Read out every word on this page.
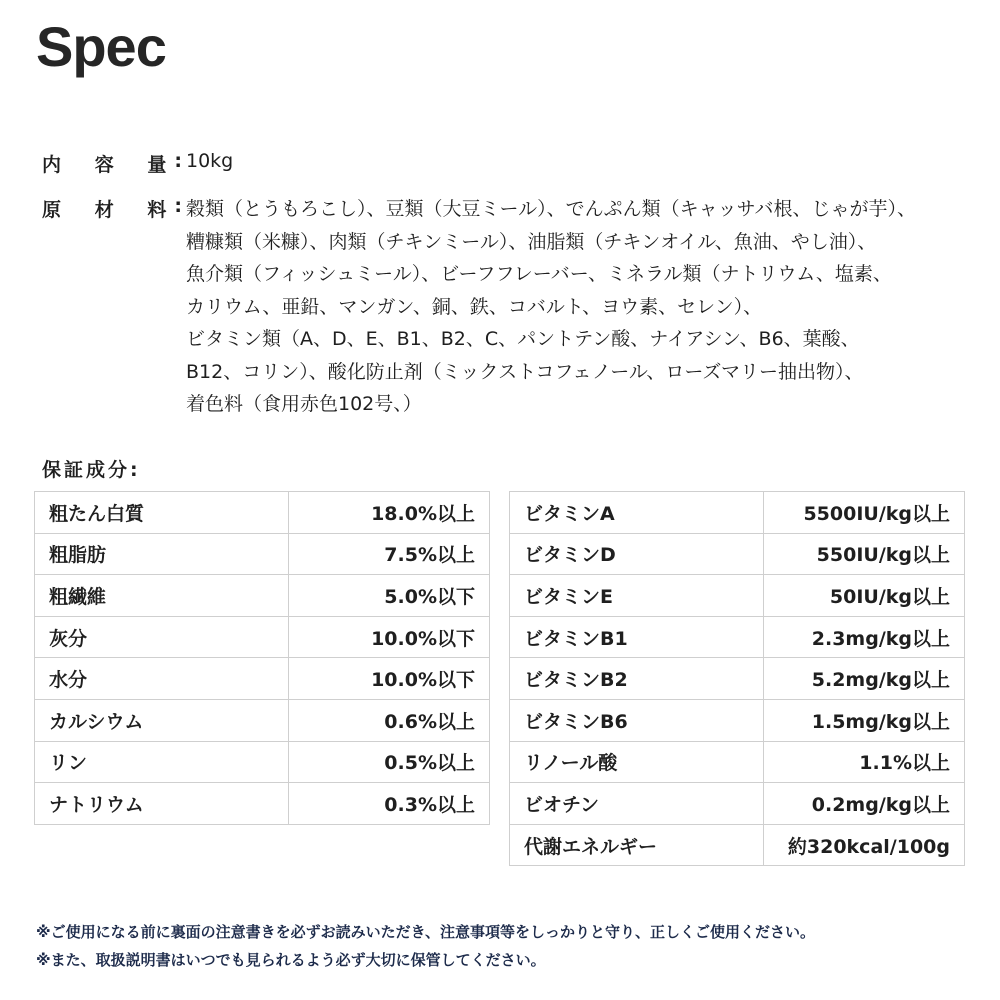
Spec
内 容 量 : 10kg
原 材 料 : 穀類（とうもろこし）、豆類（大豆ミール）、でんぷん類（キャッサバ根、じゃが芋）、
糟糠類（米糠）、肉類（チキンミール）、油脂類（チキンオイル、魚油、やし油）、
魚介類（フィッシュミール）、ビーフフレーバー、ミネラル類（ナトリウム、塩素、
カリウム、亜鉛、マンガン、銅、鉄、コバルト、ヨウ素、セレン）、
ビタミン類（A、D、E、B1、B2、C、パントテン酸、ナイアシン、B6、葉酸、
B12、コリン）、酸化防止剤（ミックストコフェノール、ローズマリー抽出物）、
着色料（食用赤色102号、）
保証成分:
粗たん白質	18.0%以上
粗脂肪	7.5%以上
粗繊維	5.0%以下
灰分	10.0%以下
水分	10.0%以下
カルシウム	0.6%以上
リン	0.5%以上
ナトリウム	0.3%以上
ビタミンA	5500IU/kg以上
ビタミンD	550IU/kg以上
ビタミンE	50IU/kg以上
ビタミンB1	2.3mg/kg以上
ビタミンB2	5.2mg/kg以上
ビタミンB6	1.5mg/kg以上
リノール酸	1.1%以上
ビオチン	0.2mg/kg以上
代謝エネルギー	約320kcal/100g
※ご使用になる前に裏面の注意書きを必ずお読みいただき、注意事項等をしっかりと守り、正しくご使用ください。
※また、取扱説明書はいつでも見られるよう必ず大切に保管してください。
